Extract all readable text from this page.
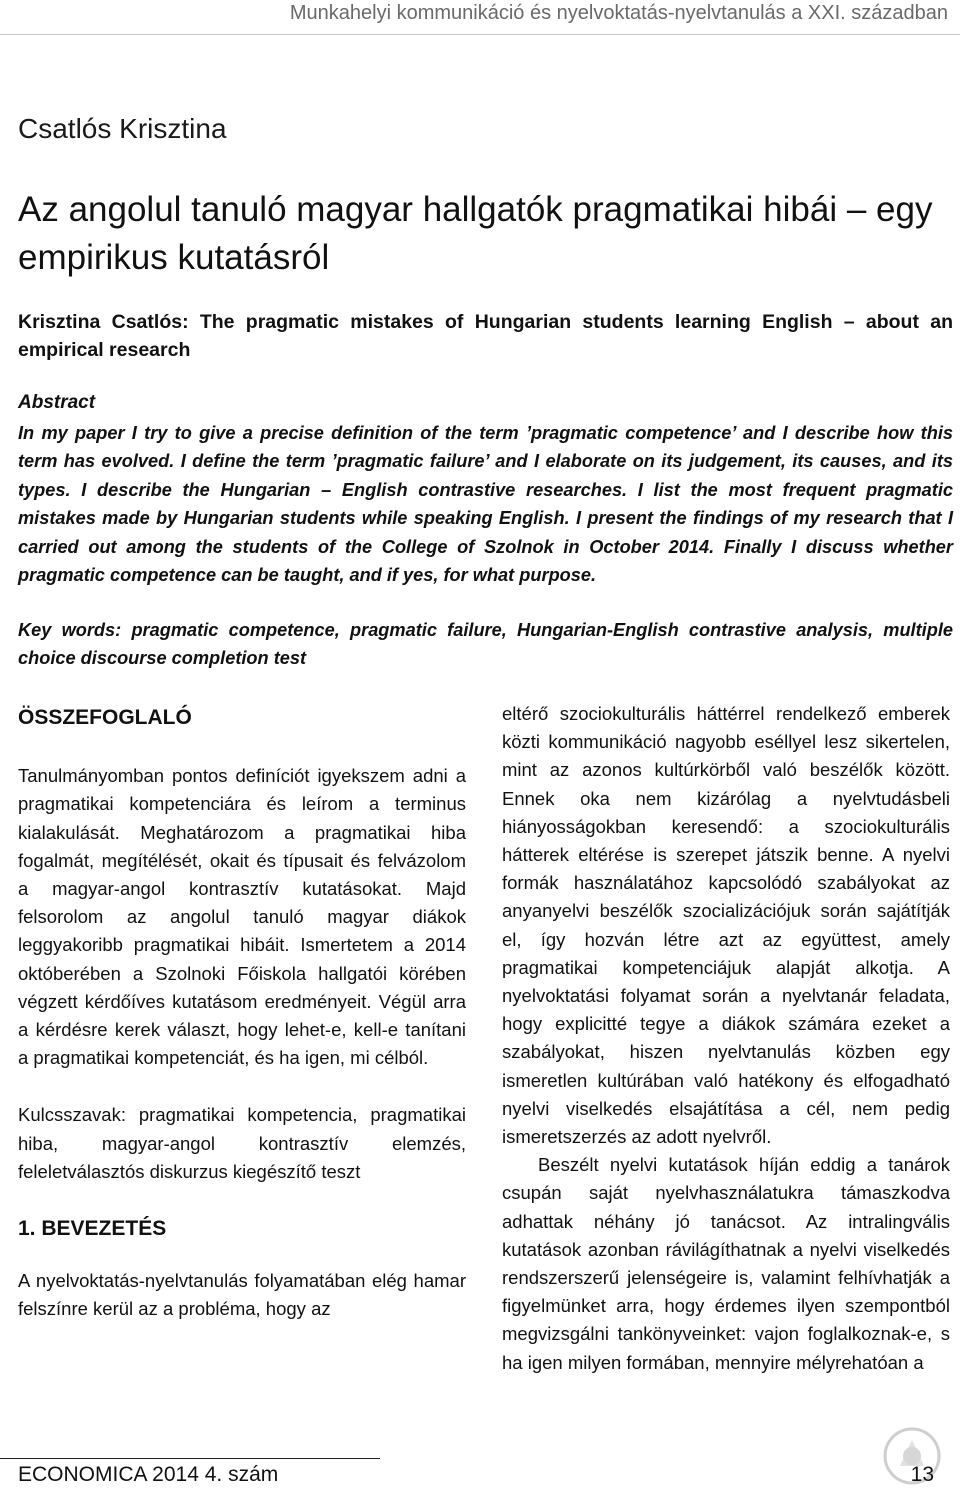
Munkahelyi kommunikáció és nyelvoktatás-nyelvtanulás a XXI. században
Csatlós Krisztina
Az angolul tanuló magyar hallgatók pragmatikai hibái – egy empirikus kutatásról

Krisztina Csatlós: The pragmatic mistakes of Hungarian students learning English – about an empirical research

Abstract

In my paper I try to give a precise definition of the term ’pragmatic competence’ and I describe how this term has evolved. I define the term ’pragmatic failure’ and I elaborate on its judgement, its causes, and its types. I describe the Hungarian – English contrastive researches. I list the most frequent pragmatic mistakes made by Hungarian students while speaking English. I present the findings of my research that I carried out among the students of the College of Szolnok in October 2014. Finally I discuss whether pragmatic competence can be taught, and if yes, for what purpose.

Key words: pragmatic competence, pragmatic failure, Hungarian-English contrastive analysis, multiple choice discourse completion test

ÖSSZEFOGLALÓ

Tanulmányomban pontos definíciót igyekszem adni a pragmatikai kompetenciára és leírom a terminus kialakulását. Meghatározom a pragmatikai hiba fogalmát, megítélését, okait és típusait és felvázolom a magyar-angol kontrasztív kutatásokat. Majd felsorolom az angolul tanuló magyar diákok leggyakoribb pragmatikai hibáit. Ismertetem a 2014 októberében a Szolnoki Főiskola hallgatói körében végzett kérdőíves kutatásom eredményeit. Végül arra a kérdésre kerek választ, hogy lehet-e, kell-e tanítani a pragmatikai kompetenciát, és ha igen, mi célból.

Kulcsszavak: pragmatikai kompetencia, pragmatikai hiba, magyar-angol kontrasztív elemzés, feleletválasztós diskurzus kiegészítő teszt

1. BEVEZETÉS

A nyelvoktatás-nyelvtanulás folyamatában elég hamar felszínre kerül az a probléma, hogy az

eltérő szociokulturális háttérrel rendelkező emberek közti kommunikáció nagyobb eséllyel lesz sikertelen, mint az azonos kultúrkörből való beszélők között. Ennek oka nem kizárólag a nyelvtudásbeli hiányosságokban keresendő: a szociokulturális hátterek eltérése is szerepet játszik benne. A nyelvi formák használatához kapcsolódó szabályokat az anyanyelvi beszélők szocializációjuk során sajátítják el, így hozván létre azt az együttest, amely pragmatikai kompetenciájuk alapját alkotja. A nyelvoktatási folyamat során a nyelvtanár feladata, hogy explicitté tegye a diákok számára ezeket a szabályokat, hiszen nyelvtanulás közben egy ismeretlen kultúrában való hatékony és elfogadható nyelvi viselkedés elsajátítása a cél, nem pedig ismeretszerzés az adott nyelvről.

Beszélt nyelvi kutatások híján eddig a tanárok csupán saját nyelvhasználatukra támaszkodva adhattak néhány jó tanácsot. Az intralingvális kutatások azonban rávilágíthatnak a nyelvi viselkedés rendszerszerű jelenségeire is, valamint felhívhatják a figyelmünket arra, hogy érdemes ilyen szempontból megvizsgálni tankönyveinket: vajon foglalkoznak-e, s ha igen milyen formában, mennyire mélyrehatóan a

ECONOMICA 2014 4. szám	13
